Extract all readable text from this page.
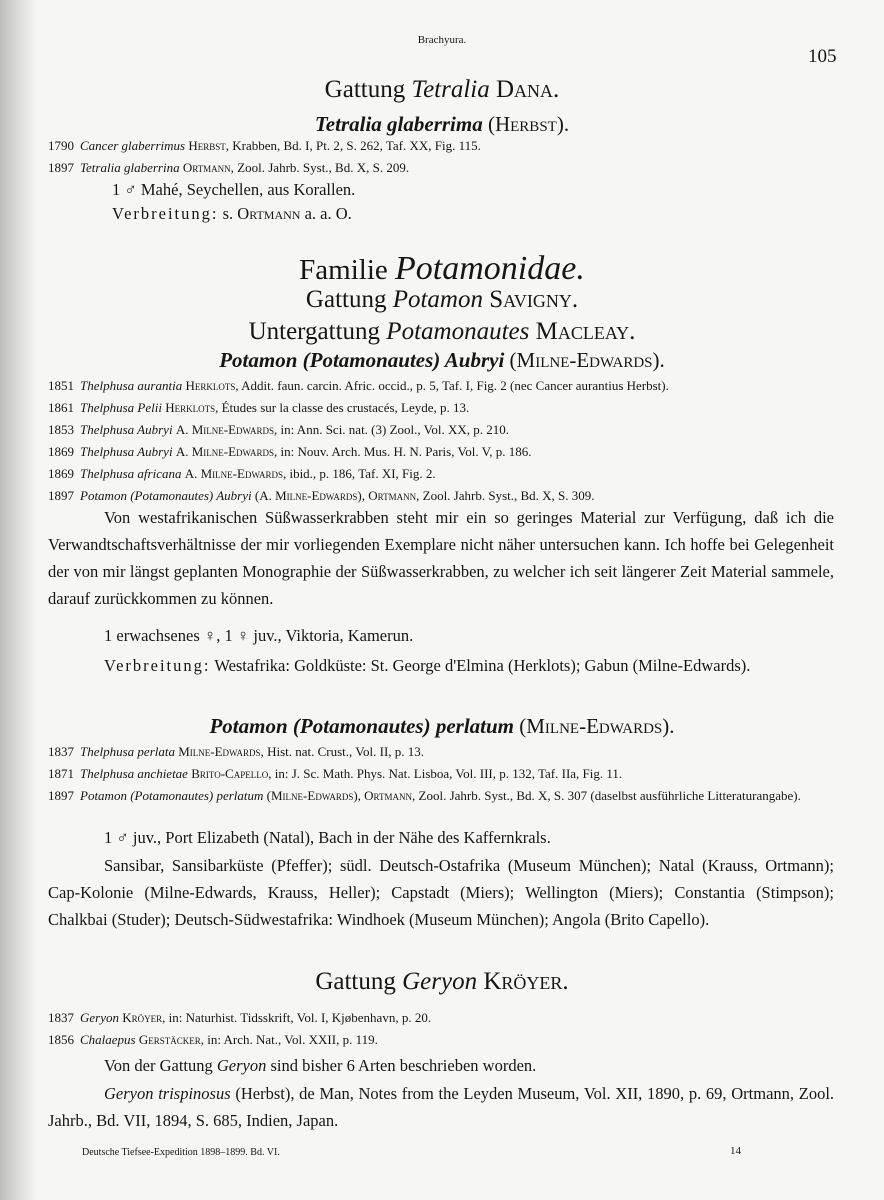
Brachyura.
105
Gattung Tetralia Dana.
Tetralia glaberrima (Herbst).
1790 Cancer glaberrimus Herbst, Krabben, Bd. I, Pt. 2, S. 262, Taf. XX, Fig. 115.
1897 Tetralia glaberrina Ortmann, Zool. Jahrb. Syst., Bd. X, S. 209.
1 ♂ Mahé, Seychellen, aus Korallen.
Verbreitung: s. Ortmann a. a. O.
Familie Potamonidae.
Gattung Potamon Savigny.
Untergattung Potamonautes Macleay.
Potamon (Potamonautes) Aubryi (Milne-Edwards).
1851 Thelphusa aurantia Herklots, Addit. faun. carcin. Afric. occid., p. 5, Taf. I, Fig. 2 (nec Cancer aurantius Herbst).
1861 Thelphusa Pelii Herklots, Études sur la classe des crustacés, Leyde, p. 13.
1853 Thelphusa Aubryi A. Milne-Edwards, in: Ann. Sci. nat. (3) Zool., Vol. XX, p. 210.
1869 Thelphusa Aubryi A. Milne-Edwards, in: Nouv. Arch. Mus. H. N. Paris, Vol. V, p. 186.
1869 Thelphusa africana A. Milne-Edwards, ibid., p. 186, Taf. XI, Fig. 2.
1897 Potamon (Potamonautes) Aubryi (A. Milne-Edwards), Ortmann, Zool. Jahrb. Syst., Bd. X, S. 309.

Von westafrikanischen Süßwasserkrabben steht mir ein so geringes Material zur Verfügung, daß ich die Verwandtschaftsverhältnisse der mir vorliegenden Exemplare nicht näher untersuchen kann. Ich hoffe bei Gelegenheit der von mir längst geplanten Monographie der Süßwasserkrabben, zu welcher ich seit längerer Zeit Material sammele, darauf zurückkommen zu können.

1 erwachsenes ♀, 1 ♀ juv., Viktoria, Kamerun.

Verbreitung: Westafrika: Goldküste: St. George d'Elmina (Herklots); Gabun (Milne-Edwards).

Potamon (Potamonautes) perlatum (Milne-Edwards).
1837 Thelphusa perlata Milne-Edwards, Hist. nat. Crust., Vol. II, p. 13.
1871 Thelphusa anchietae Brito-Capello, in: J. Sc. Math. Phys. Nat. Lisboa, Vol. III, p. 132, Taf. IIa, Fig. 11.
1897 Potamon (Potamonautes) perlatum (Milne-Edwards), Ortmann, Zool. Jahrb. Syst., Bd. X, S. 307 (daselbst ausführliche Litteraturangabe).
1 ♂ juv., Port Elizabeth (Natal), Bach in der Nähe des Kaffernkrals.

Sansibar, Sansibarküste (Pfeffer); südl. Deutsch-Ostafrika (Museum München); Natal (Krauss, Ortmann); Cap-Kolonie (Milne-Edwards, Krauss, Heller); Capstadt (Miers); Wellington (Miers); Constantia (Stimpson); Chalkbai (Studer); Deutsch-Südwestafrika: Windhoek (Museum München); Angola (Brito Capello).

Gattung Geryon Kröyer.
1837 Geryon Kröyer, in: Naturhist. Tidsskrift, Vol. I, Kjøbenhavn, p. 20.
1856 Chalaepus Gerstäcker, in: Arch. Nat., Vol. XXII, p. 119.
Von der Gattung Geryon sind bisher 6 Arten beschrieben worden.

Geryon trispinosus (Herbst), de Man, Notes from the Leyden Museum, Vol. XII, 1890, p. 69, Ortmann, Zool. Jahrb., Bd. VII, 1894, S. 685, Indien, Japan.

Deutsche Tiefsee-Expedition 1898–1899. Bd. VI.	14
